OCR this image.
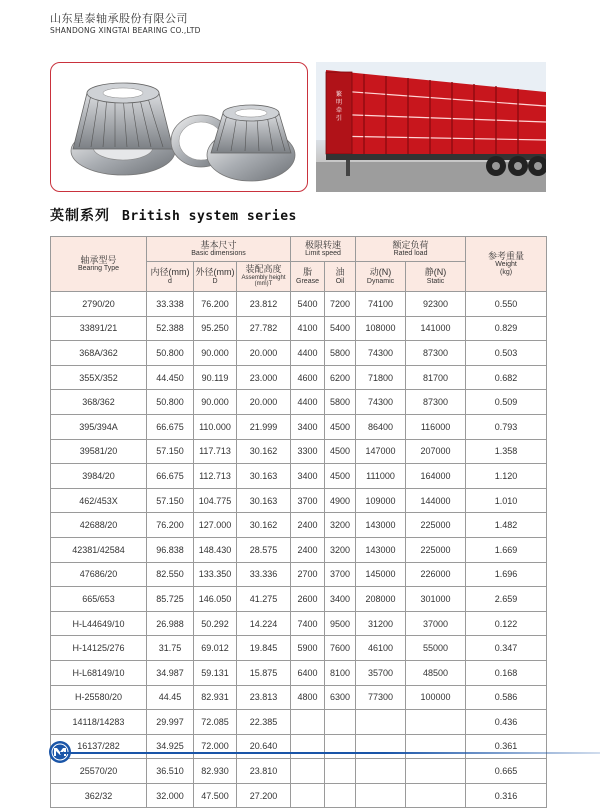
山东星泰轴承股份有限公司
SHANDONG XINGTAI BEARING CO.,LTD
繁
明
牵
引
英制系列 British system series
轴承型号
Bearing Type	基本尺寸
Basic dimensions			极限转速
Limit speed		额定负荷
Rated load		参考重量
Weight
(kg)

	内径(mm)
d	外径(mm)
D	装配高度
Assembly height
(mm)T	脂
Grease	油
Oil	动(N)
Dynamic	静(N)
Static	

2790/20	33.338	76.200	23.812	5400	7200	74100	92300	0.550
33891/21	52.388	95.250	27.782	4100	5400	108000	141000	0.829
368A/362	50.800	90.000	20.000	4400	5800	74300	87300	0.503
355X/352	44.450	90.119	23.000	4600	6200	71800	81700	0.682
368/362	50.800	90.000	20.000	4400	5800	74300	87300	0.509
395/394A	66.675	110.000	21.999	3400	4500	86400	116000	0.793
39581/20	57.150	117.713	30.162	3300	4500	147000	207000	1.358
3984/20	66.675	112.713	30.163	3400	4500	111000	164000	1.120
462/453X	57.150	104.775	30.163	3700	4900	109000	144000	1.010
42688/20	76.200	127.000	30.162	2400	3200	143000	225000	1.482
42381/42584	96.838	148.430	28.575	2400	3200	143000	225000	1.669
47686/20	82.550	133.350	33.336	2700	3700	145000	226000	1.696
665/653	85.725	146.050	41.275	2600	3400	208000	301000	2.659
H-L44649/10	26.988	50.292	14.224	7400	9500	31200	37000	0.122
H-14125/276	31.75	69.012	19.845	5900	7600	46100	55000	0.347
H-L68149/10	34.987	59.131	15.875	6400	8100	35700	48500	0.168
H-25580/20	44.45	82.931	23.813	4800	6300	77300	100000	0.586
14118/14283	29.997	72.085	22.385					0.436
16137/282	34.925	72.000	20.640					0.361
25570/20	36.510	82.930	23.810					0.665
362/32	32.000	47.500	27.200					0.316
